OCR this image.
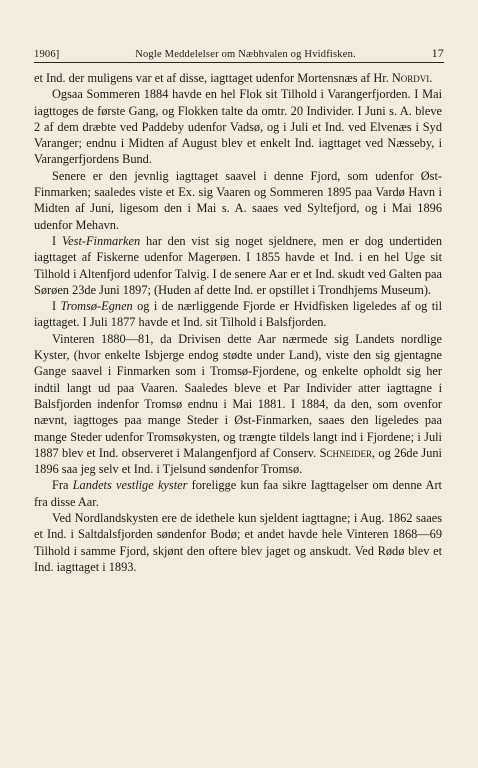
1906]	Nogle Meddelelser om Næbhvalen og Hvidfisken.	17

et Ind. der muligens var et af disse, iagttaget udenfor Mortensnæs af Hr. Nordvi.

Ogsaa Sommeren 1884 havde en hel Flok sit Tilhold i Varangerfjorden. I Mai iagttoges de første Gang, og Flokken talte da omtr. 20 Individer. I Juni s. A. bleve 2 af dem dræbte ved Paddeby udenfor Vadsø, og i Juli et Ind. ved Elvenæs i Syd Varanger; endnu i Midten af August blev et enkelt Ind. iagttaget ved Næsseby, i Varangerfjordens Bund.

Senere er den jevnlig iagttaget saavel i denne Fjord, som udenfor Øst-Finmarken; saaledes viste et Ex. sig Vaaren og Sommeren 1895 paa Vardø Havn i Midten af Juni, ligesom den i Mai s. A. saaes ved Syltefjord, og i Mai 1896 udenfor Mehavn.

I Vest-Finmarken har den vist sig noget sjeldnere, men er dog undertiden iagttaget af Fiskerne udenfor Magerøen. I 1855 havde et Ind. i en hel Uge sit Tilhold i Altenfjord udenfor Talvig. I de senere Aar er et Ind. skudt ved Galten paa Sørøen 23de Juni 1897; (Huden af dette Ind. er opstillet i Trondhjems Museum).

I Tromsø-Egnen og i de nærliggende Fjorde er Hvidfisken ligeledes af og til iagttaget. I Juli 1877 havde et Ind. sit Tilhold i Balsfjorden.

Vinteren 1880—81, da Drivisen dette Aar nærmede sig Landets nordlige Kyster, (hvor enkelte Isbjerge endog stødte under Land), viste den sig gjentagne Gange saavel i Finmarken som i Tromsø-Fjordene, og enkelte opholdt sig her indtil langt ud paa Vaaren. Saaledes bleve et Par Individer atter iagttagne i Balsfjorden indenfor Tromsø endnu i Mai 1881. I 1884, da den, som ovenfor nævnt, iagttoges paa mange Steder i Øst-Finmarken, saaes den ligeledes paa mange Steder udenfor Tromsøkysten, og trængte tildels langt ind i Fjordene; i Juli 1887 blev et Ind. observeret i Malangenfjord af Conserv. Schneider, og 26de Juni 1896 saa jeg selv et Ind. i Tjelsund søndenfor Tromsø.

Fra Landets vestlige kyster foreligge kun faa sikre Iagttagelser om denne Art fra disse Aar.

Ved Nordlandskysten ere de idethele kun sjeldent iagttagne; i Aug. 1862 saaes et Ind. i Saltdalsfjorden søndenfor Bodø; et andet havde hele Vinteren 1868—69 Tilhold i samme Fjord, skjønt den oftere blev jaget og anskudt. Ved Rødø blev et Ind. iagttaget i 1893.
